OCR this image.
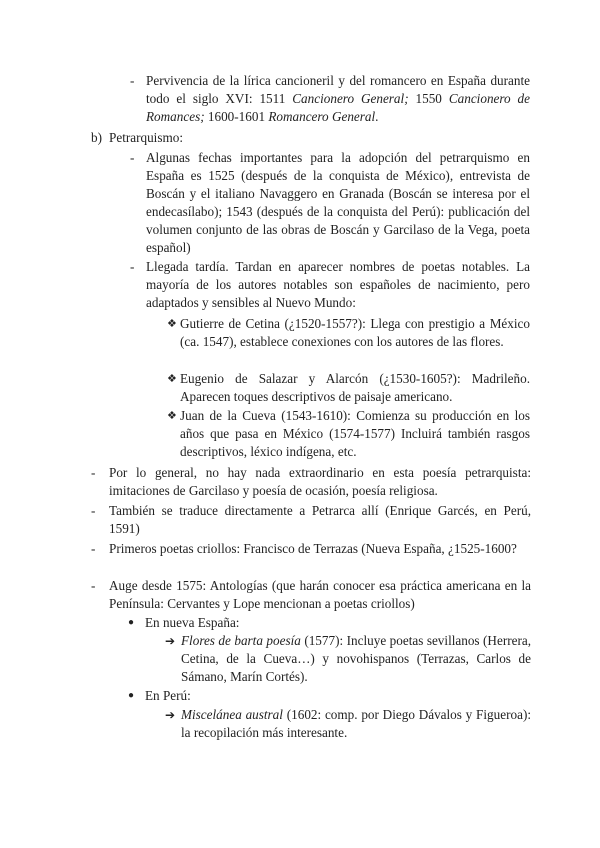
- Pervivencia de la lírica cancioneril y del romancero en España durante todo el siglo XVI: 1511 Cancionero General; 1550 Cancionero de Romances; 1600-1601 Romancero General.
b) Petrarquismo:
- Algunas fechas importantes para la adopción del petrarquismo en España es 1525 (después de la conquista de México), entrevista de Boscán y el italiano Navaggero en Granada (Boscán se interesa por el endecasílabo); 1543 (después de la conquista del Perú): publicación del volumen conjunto de las obras de Boscán y Garcilaso de la Vega, poeta español)
- Llegada tardía. Tardan en aparecer nombres de poetas notables. La mayoría de los autores notables son españoles de nacimiento, pero adaptados y sensibles al Nuevo Mundo:
❖ Gutierre de Cetina (¿1520-1557?): Llega con prestigio a México (ca. 1547), establece conexiones con los autores de las flores.
❖ Eugenio de Salazar y Alarcón (¿1530-1605?): Madrileño. Aparecen toques descriptivos de paisaje americano.
❖ Juan de la Cueva (1543-1610): Comienza su producción en los años que pasa en México (1574-1577) Incluirá también rasgos descriptivos, léxico indígena, etc.
-	Por lo general, no hay nada extraordinario en esta poesía petrarquista: imitaciones de Garcilaso y poesía de ocasión, poesía religiosa.
-	También se traduce directamente a Petrarca allí (Enrique Garcés, en Perú, 1591)
-	Primeros poetas criollos: Francisco de Terrazas (Nueva España, ¿1525-1600?
-	Auge desde 1575: Antologías (que harán conocer esa práctica americana en la Península: Cervantes y Lope mencionan a poetas criollos)
● En nueva España:
➔ Flores de barta poesía (1577): Incluye poetas sevillanos (Herrera, Cetina, de la Cueva…) y novohispanos (Terrazas, Carlos de Sámano, Marín Cortés).
● En Perú:
➔ Miscelánea austral (1602: comp. por Diego Dávalos y Figueroa): la recopilación más interesante.
